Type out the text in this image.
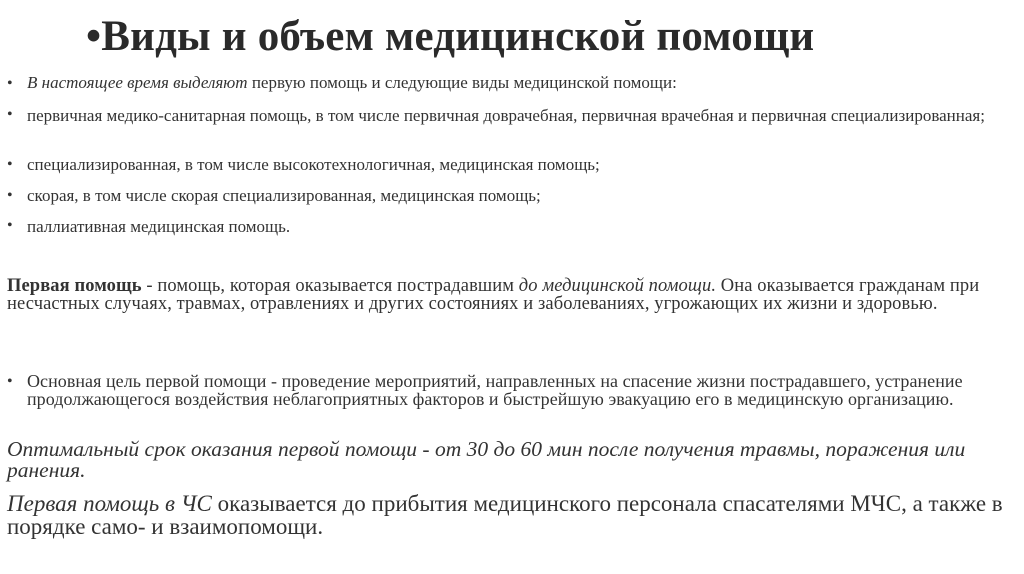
•Виды и объем медицинской помощи
• В настоящее время выделяют первую помощь и следующие виды медицинской помощи:
• первичная медико-санитарная помощь, в том числе первичная доврачебная, первичная врачебная и первичная специализированная;
• специализированная, в том числе высокотехнологичная, медицинская помощь;
• скорая, в том числе скорая специализированная, медицинская помощь;
• паллиативная медицинская помощь.
Первая помощь - помощь, которая оказывается пострадавшим до медицинской помощи. Она оказывается гражданам при несчастных случаях, травмах, отравлениях и других состояниях и заболеваниях, угрожающих их жизни и здоровью.
• Основная цель первой помощи - проведение мероприятий, направленных на спасение жизни пострадавшего, устранение продолжающегося воздействия неблагоприятных факторов и быстрейшую эвакуацию его в медицинскую организацию.
Оптимальный срок оказания первой помощи - от 30 до 60 мин после получения травмы, поражения или ранения.
Первая помощь в ЧС оказывается до прибытия медицинского персонала спасателями МЧС, а также в порядке само- и взаимопомощи.
